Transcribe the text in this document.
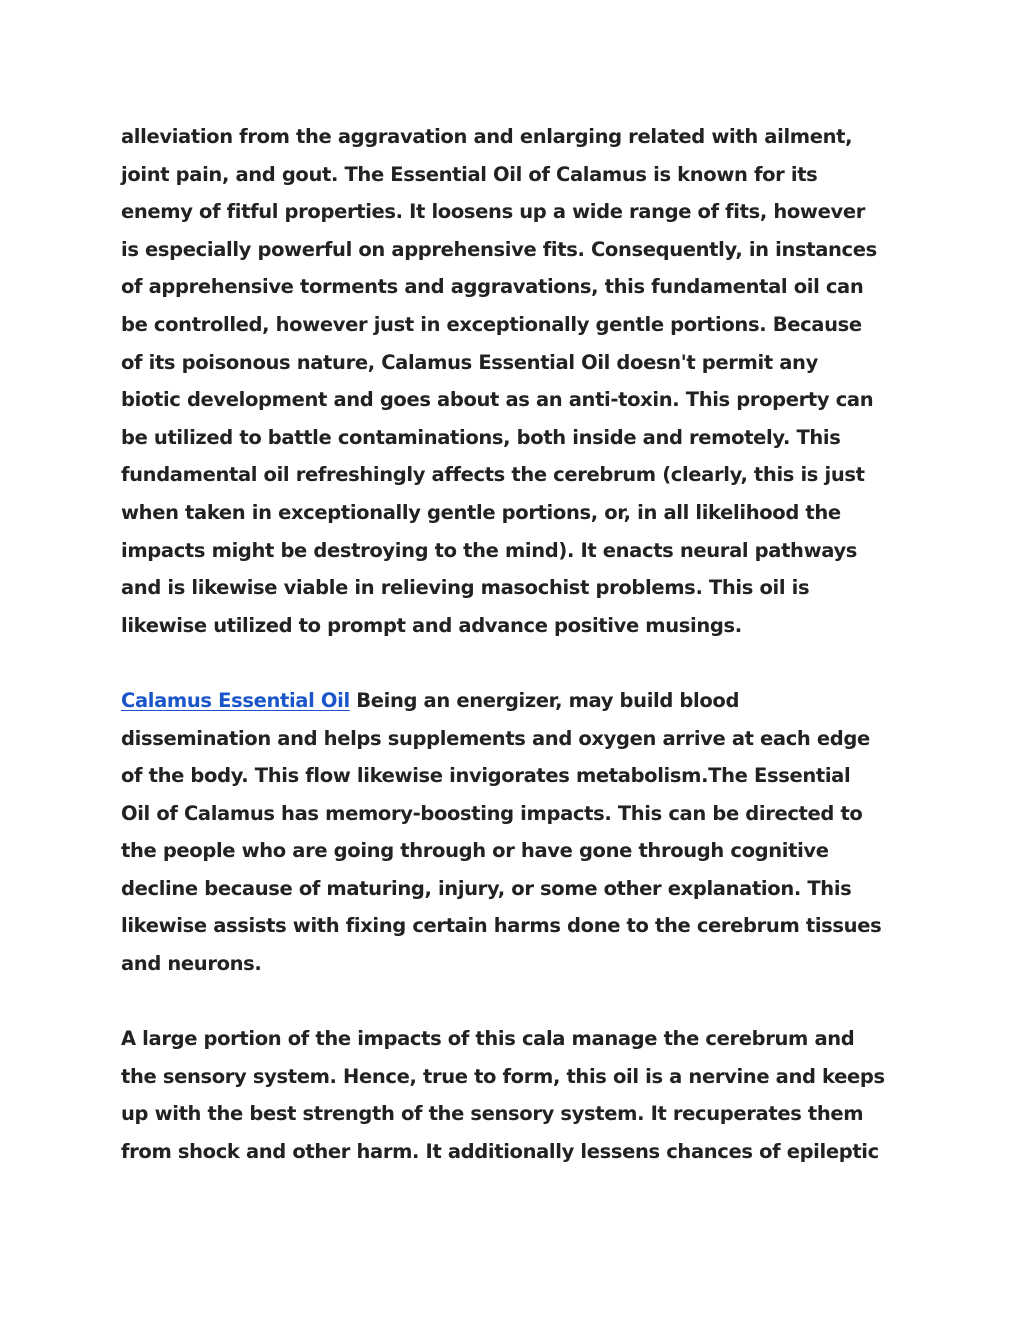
alleviation from the aggravation and enlarging related with ailment,
joint pain, and gout. The Essential Oil of Calamus is known for its
enemy of fitful properties. It loosens up a wide range of fits, however
is especially powerful on apprehensive fits. Consequently, in instances
of apprehensive torments and aggravations, this fundamental oil can
be controlled, however just in exceptionally gentle portions. Because
of its poisonous nature, Calamus Essential Oil doesn't permit any
biotic development and goes about as an anti-toxin. This property can
be utilized to battle contaminations, both inside and remotely. This
fundamental oil refreshingly affects the cerebrum (clearly, this is just
when taken in exceptionally gentle portions, or, in all likelihood the
impacts might be destroying to the mind). It enacts neural pathways
and is likewise viable in relieving masochist problems. This oil is
likewise utilized to prompt and advance positive musings.

Calamus Essential Oil Being an energizer, may build blood
dissemination and helps supplements and oxygen arrive at each edge
of the body. This flow likewise invigorates metabolism.The Essential
Oil of Calamus has memory-boosting impacts. This can be directed to
the people who are going through or have gone through cognitive
decline because of maturing, injury, or some other explanation. This
likewise assists with fixing certain harms done to the cerebrum tissues
and neurons.

A large portion of the impacts of this cala manage the cerebrum and
the sensory system. Hence, true to form, this oil is a nervine and keeps
up with the best strength of the sensory system. It recuperates them
from shock and other harm. It additionally lessens chances of epileptic
